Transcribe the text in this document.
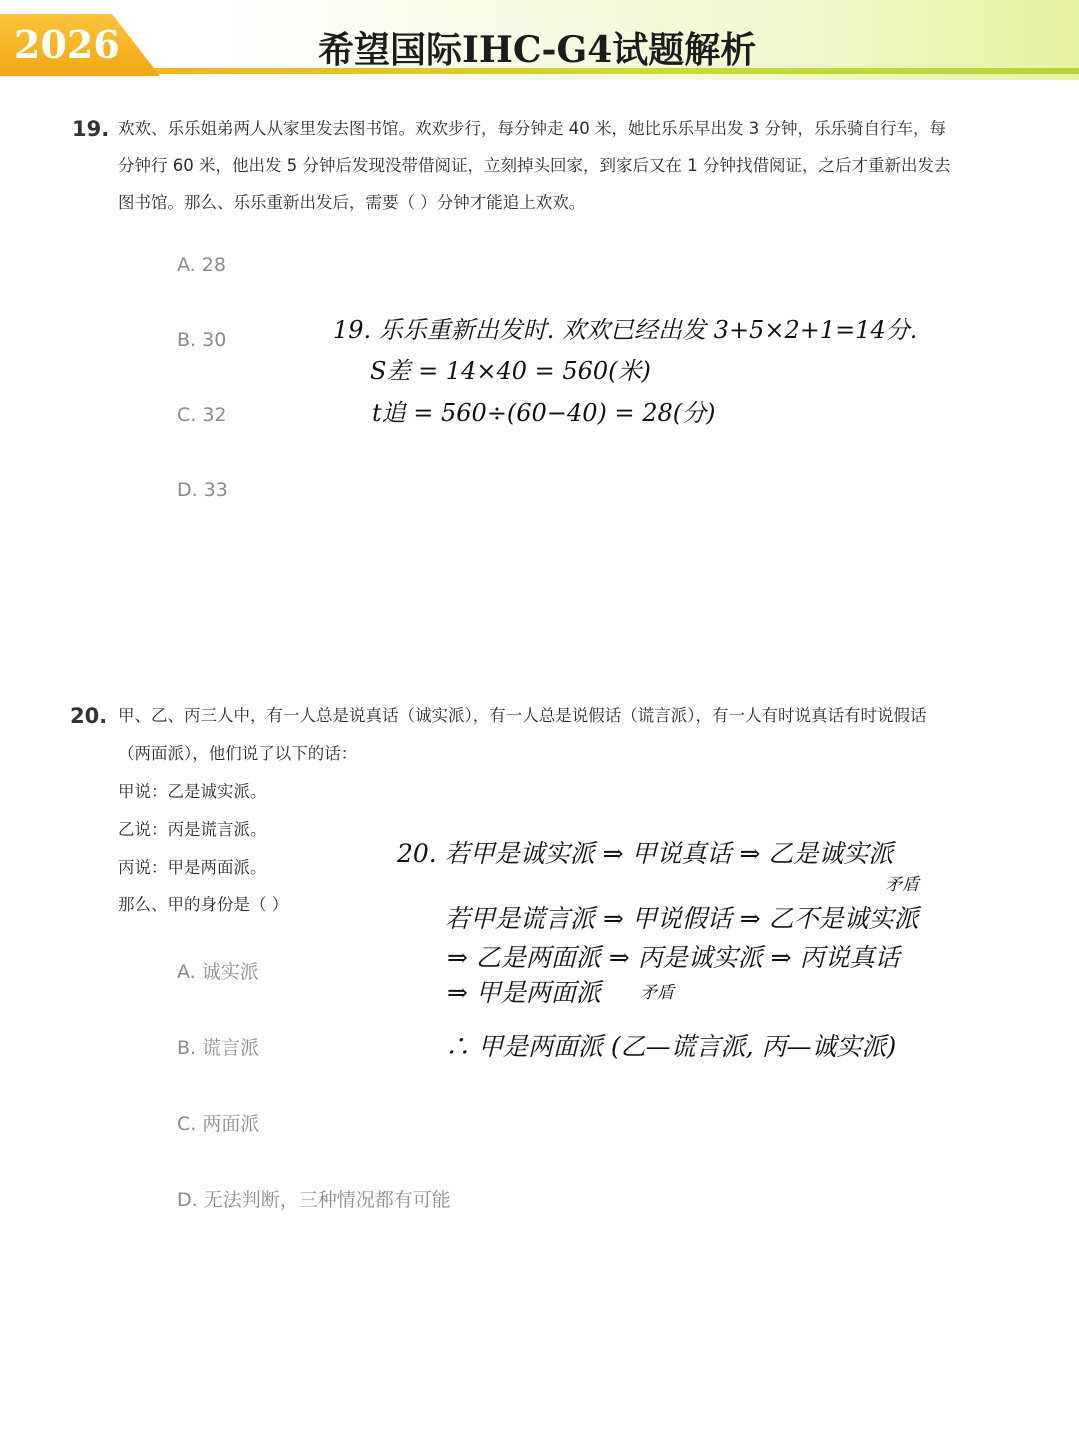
2026	希望国际IHC-G4试题解析
19. 欢欢、乐乐姐弟两人从家里发去图书馆。欢欢步行，每分钟走 40 米，她比乐乐早出发 3 分钟，乐乐骑自行车，每
分钟行 60 米，他出发 5 分钟后发现没带借阅证，立刻掉头回家，到家后又在 1 分钟找借阅证，之后才重新出发去
图书馆。那么、乐乐重新出发后，需要（ ）分钟才能追上欢欢。
A. 28
B. 30
C. 32
D. 33
19. 乐乐重新出发时. 欢欢已经出发 3+5×2+1=14分.
S差 = 14×40 = 560(米)
t追 = 560÷(60−40) = 28(分)
20. 甲、乙、丙三人中，有一人总是说真话（诚实派），有一人总是说假话（谎言派），有一人有时说真话有时说假话
（两面派），他们说了以下的话：
甲说：乙是诚实派。
乙说：丙是谎言派。
丙说：甲是两面派。
那么、甲的身份是（ ）
A. 诚实派
B. 谎言派
C. 两面派
D. 无法判断，三种情况都有可能
20. 若甲是诚实派 ⇒ 甲说真话 ⇒ 乙是诚实派
矛盾
若甲是谎言派 ⇒ 甲说假话 ⇒ 乙不是诚实派
⇒ 乙是两面派 ⇒ 丙是诚实派 ⇒ 丙说真话
⇒ 甲是两面派 矛盾
∴ 甲是两面派 (乙—谎言派, 丙—诚实派)
